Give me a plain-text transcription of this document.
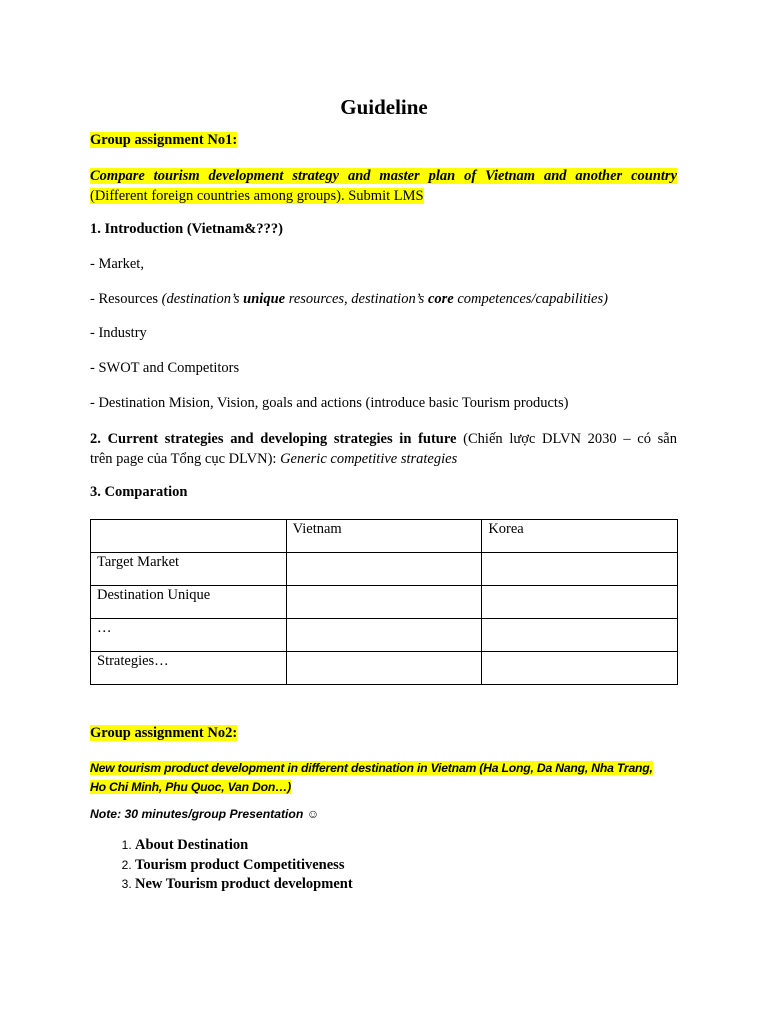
Guideline
Group assignment No1:
Compare tourism development strategy and master plan of Vietnam and another country
(Different foreign countries among groups). Submit LMS
1. Introduction (Vietnam&???)
- Market,
- Resources (destination’s unique resources, destination’s core competences/capabilities)
- Industry
- SWOT and Competitors
- Destination Mision, Vision, goals and actions (introduce basic Tourism products)
2. Current strategies and developing strategies in future (Chiến lược DLVN 2030 – có sẵn
trên page của Tổng cục DLVN): Generic competitive strategies
3. Comparation
	Vietnam	Korea
Target Market		
Destination Unique		
…		
Strategies…		
Group assignment No2:
New tourism product development in different destination in Vietnam (Ha Long, Da Nang, Nha Trang,
Ho Chi Minh, Phu Quoc, Van Don…)
Note: 30 minutes/group Presentation ☺
1. About Destination
2. Tourism product Competitiveness
3. New Tourism product development
